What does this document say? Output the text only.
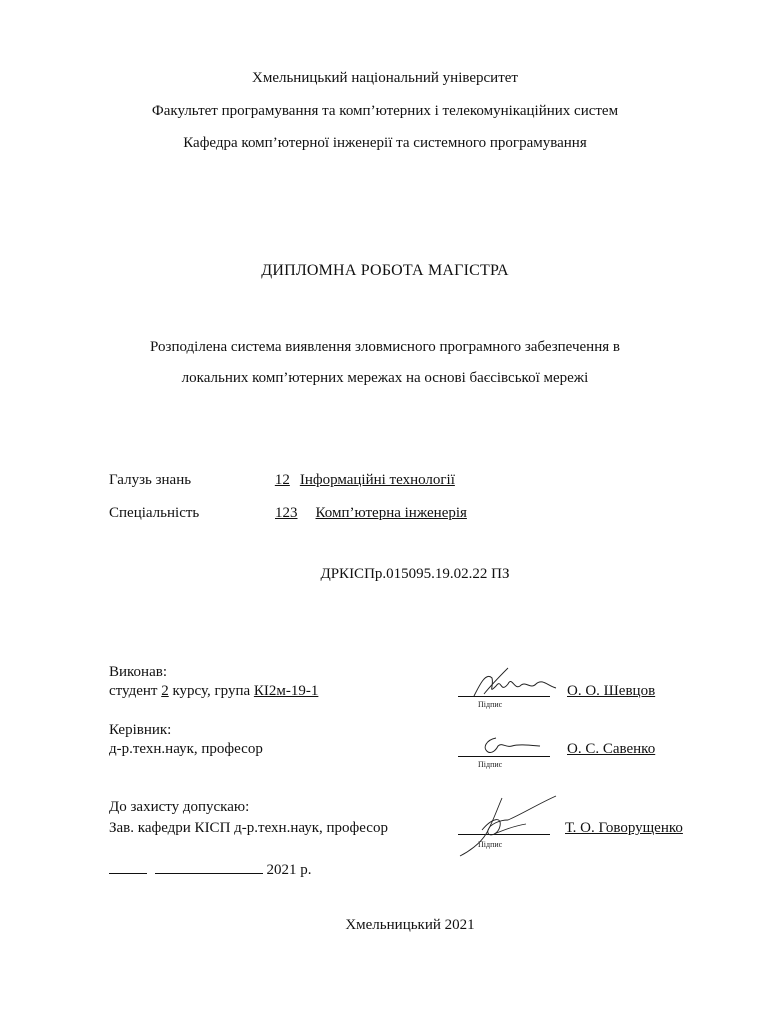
Хмельницький національний університет
Факультет програмування та комп’ютерних і телекомунікаційних систем
Кафедра комп’ютерної інженерії та системного програмування
ДИПЛОМНА РОБОТА МАГІСТРА
Розподілена система виявлення зловмисного програмного забезпечення в
локальних комп’ютерних мережах на основі баєсівської мережі
Галузь знань	12 Інформаційні технології
Спеціальність	123 Комп’ютерна інженерія
ДРКІСПр.015095.19.02.22 ПЗ
Виконав:
студент 2 курсу, група КІ2м-19-1
Підпис
О. О. Шевцов
Керівник:
д-р.техн.наук, професор
Підпис
О. С. Савенко
До захисту допускаю:
Зав. кафедри КІСП д-р.техн.наук, професор
Підпис
Т. О. Говорущенко
2021 р.
Хмельницький 2021
